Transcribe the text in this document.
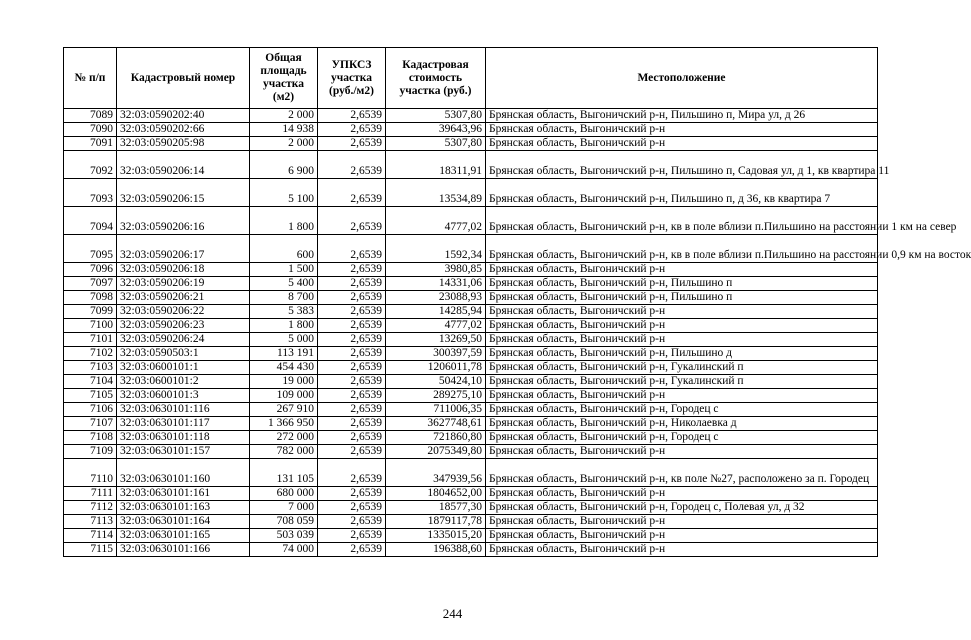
№ п/п	Кадастровый номер	Общая площадь участка (м2)	УПКСЗ участка (руб./м2)	Кадастровая стоимость участка (руб.)	Местоположение
7089	32:03:0590202:40	2 000	2,6539	5307,80	Брянская область, Выгоничский р-н, Пильшино п, Мира ул, д 26
7090	32:03:0590202:66	14 938	2,6539	39643,96	Брянская область, Выгоничский р-н
7091	32:03:0590205:98	2 000	2,6539	5307,80	Брянская область, Выгоничский р-н
7092	32:03:0590206:14	6 900	2,6539	18311,91	Брянская область, Выгоничский р-н, Пильшино п, Садовая ул, д 1, кв квартира 11
7093	32:03:0590206:15	5 100	2,6539	13534,89	Брянская область, Выгоничский р-н, Пильшино п, д 36, кв квартира 7
7094	32:03:0590206:16	1 800	2,6539	4777,02	Брянская область, Выгоничский р-н, кв в поле вблизи п.Пильшино на расстоянии 1 км на север
7095	32:03:0590206:17	600	2,6539	1592,34	Брянская область, Выгоничский р-н, кв в поле вблизи п.Пильшино на расстоянии 0,9 км на восток
7096	32:03:0590206:18	1 500	2,6539	3980,85	Брянская область, Выгоничский р-н
7097	32:03:0590206:19	5 400	2,6539	14331,06	Брянская область, Выгоничский р-н, Пильшино п
7098	32:03:0590206:21	8 700	2,6539	23088,93	Брянская область, Выгоничский р-н, Пильшино п
7099	32:03:0590206:22	5 383	2,6539	14285,94	Брянская область, Выгоничский р-н
7100	32:03:0590206:23	1 800	2,6539	4777,02	Брянская область, Выгоничский р-н
7101	32:03:0590206:24	5 000	2,6539	13269,50	Брянская область, Выгоничский р-н
7102	32:03:0590503:1	113 191	2,6539	300397,59	Брянская область, Выгоничский р-н, Пильшино д
7103	32:03:0600101:1	454 430	2,6539	1206011,78	Брянская область, Выгоничский р-н, Гукалинский п
7104	32:03:0600101:2	19 000	2,6539	50424,10	Брянская область, Выгоничский р-н, Гукалинский п
7105	32:03:0600101:3	109 000	2,6539	289275,10	Брянская область, Выгоничский р-н
7106	32:03:0630101:116	267 910	2,6539	711006,35	Брянская область, Выгоничский р-н, Городец с
7107	32:03:0630101:117	1 366 950	2,6539	3627748,61	Брянская область, Выгоничский р-н, Николаевка д
7108	32:03:0630101:118	272 000	2,6539	721860,80	Брянская область, Выгоничский р-н, Городец с
7109	32:03:0630101:157	782 000	2,6539	2075349,80	Брянская область, Выгоничский р-н
7110	32:03:0630101:160	131 105	2,6539	347939,56	Брянская область, Выгоничский р-н, кв поле №27, расположено за п. Городец
7111	32:03:0630101:161	680 000	2,6539	1804652,00	Брянская область, Выгоничский р-н
7112	32:03:0630101:163	7 000	2,6539	18577,30	Брянская область, Выгоничский р-н, Городец с, Полевая ул, д 32
7113	32:03:0630101:164	708 059	2,6539	1879117,78	Брянская область, Выгоничский р-н
7114	32:03:0630101:165	503 039	2,6539	1335015,20	Брянская область, Выгоничский р-н
7115	32:03:0630101:166	74 000	2,6539	196388,60	Брянская область, Выгоничский р-н
244
